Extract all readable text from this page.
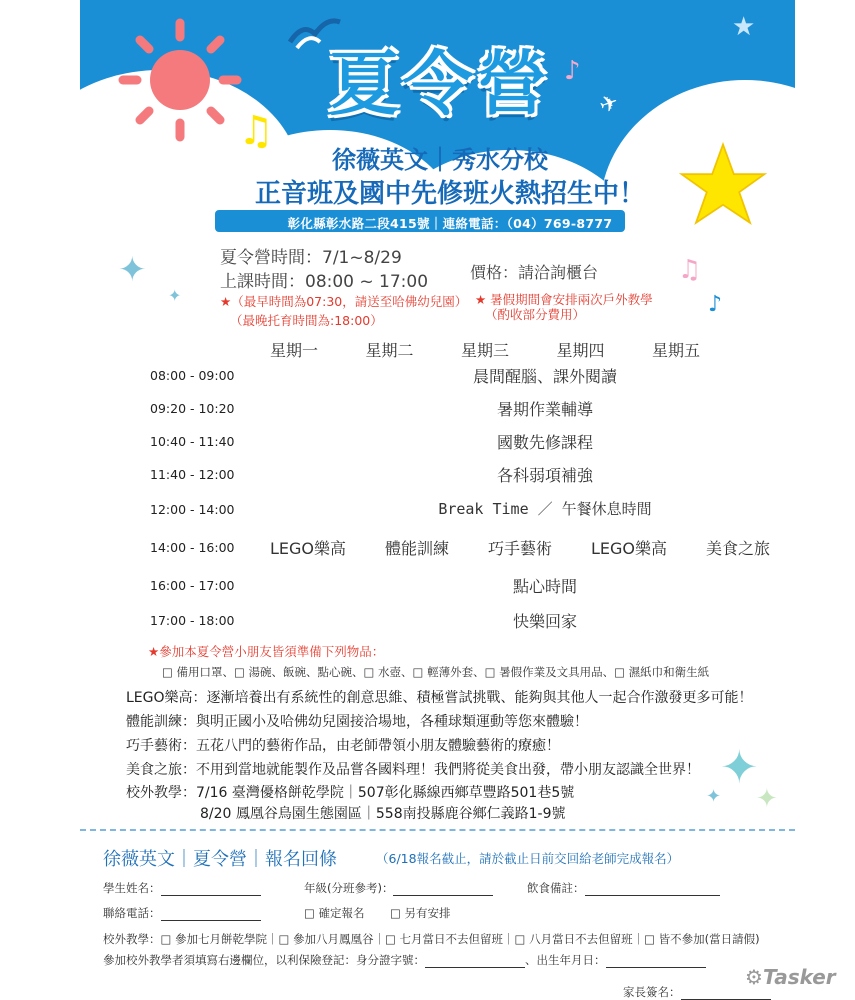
♫
♪
★
✈
夏令營
徐薇英文｜秀水分校
正音班及國中先修班火熱招生中！
彰化縣彰水路二段415號｜連絡電話：（04）769-8777
✦
✦
♫
♪
夏令營時間：7/1~8/29
上課時間：08:00 ~ 17:00	價格：請洽詢櫃台
★（最早時間為07:30，請送至哈佛幼兒園）
（最晚托育時間為:18:00）
★ 暑假期間會安排兩次戶外教學
（酌收部分費用）
星期一	星期二	星期三	星期四	星期五
08:00 - 09:00	晨間醒腦、課外閱讀
09:20 - 10:20	暑期作業輔導
10:40 - 11:40	國數先修課程
11:40 - 12:00	各科弱項補強
12:00 - 14:00	Break Time ／ 午餐休息時間
14:00 - 16:00 LEGO樂高 體能訓練 巧手藝術 LEGO樂高 美食之旅
16:00 - 17:00	點心時間
17:00 - 18:00	快樂回家
★參加本夏令營小朋友皆須準備下列物品：
□ 備用口罩、□ 湯碗、飯碗、點心碗、□ 水壺、□ 輕薄外套、□ 暑假作業及文具用品、□ 濕紙巾和衛生紙
LEGO樂高：逐漸培養出有系統性的創意思維、積極嘗試挑戰、能夠與其他人一起合作激發更多可能！
體能訓練：與明正國小及哈佛幼兒園接洽場地，各種球類運動等您來體驗！
巧手藝術：五花八門的藝術作品，由老師帶領小朋友體驗藝術的療癒！
美食之旅：不用到當地就能製作及品嘗各國料理！我們將從美食出發，帶小朋友認識全世界！
校外教學：7/16 臺灣優格餅乾學院｜507彰化縣線西鄉草豐路501巷5號
8/20 鳳凰谷鳥園生態園區｜558南投縣鹿谷鄉仁義路1-9號
✦
✦
✦
徐薇英文｜夏令營｜報名回條	（6/18報名截止，請於截止日前交回給老師完成報名）
學生姓名：	年級(分班參考)：	飲食備註：
聯絡電話：	□ 確定報名 □ 另有安排
校外教學：□ 參加七月餅乾學院｜□ 參加八月鳳凰谷｜□ 七月當日不去但留班｜□ 八月當日不去但留班｜□ 皆不參加(當日請假)
參加校外教學者須填寫右邊欄位，以利保險登記：身分證字號：	、出生年月日：
家長簽名：
⚙Tasker
